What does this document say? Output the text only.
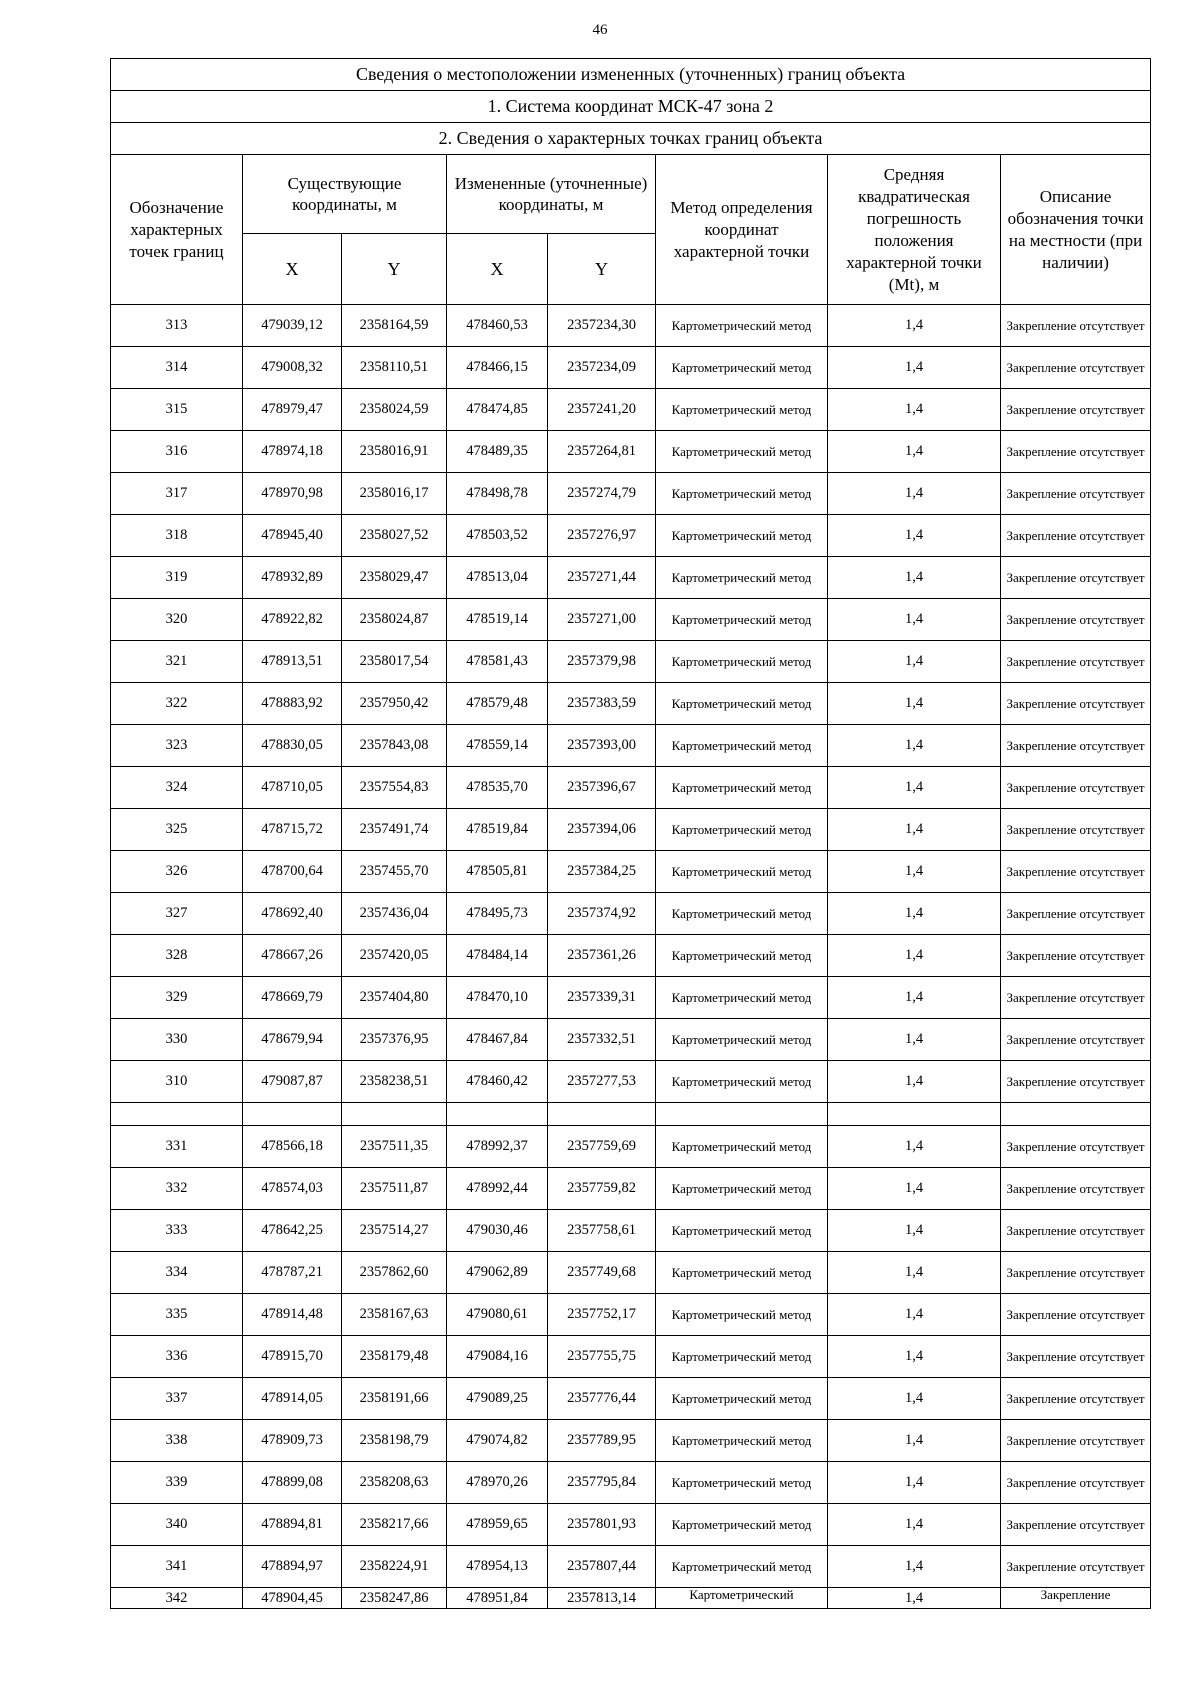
46
Сведения о местоположении измененных (уточненных) границ объекта							
1. Система координат МСК-47 зона 2							
2. Сведения о характерных точках границ объекта							
Обозначение характерных точек границ	Существующие координаты, м		Измененные (уточненные) координаты, м		Метод определения координат характерной точки	Средняя квадратическая погрешность положения характерной точки (Mt), м	Описание обозначения точки на местности (при наличии)
	X	Y	X	Y			
313	479039,12	2358164,59	478460,53	2357234,30	Картометрический метод	1,4	Закрепление отсутствует
314	479008,32	2358110,51	478466,15	2357234,09	Картометрический метод	1,4	Закрепление отсутствует
315	478979,47	2358024,59	478474,85	2357241,20	Картометрический метод	1,4	Закрепление отсутствует
316	478974,18	2358016,91	478489,35	2357264,81	Картометрический метод	1,4	Закрепление отсутствует
317	478970,98	2358016,17	478498,78	2357274,79	Картометрический метод	1,4	Закрепление отсутствует
318	478945,40	2358027,52	478503,52	2357276,97	Картометрический метод	1,4	Закрепление отсутствует
319	478932,89	2358029,47	478513,04	2357271,44	Картометрический метод	1,4	Закрепление отсутствует
320	478922,82	2358024,87	478519,14	2357271,00	Картометрический метод	1,4	Закрепление отсутствует
321	478913,51	2358017,54	478581,43	2357379,98	Картометрический метод	1,4	Закрепление отсутствует
322	478883,92	2357950,42	478579,48	2357383,59	Картометрический метод	1,4	Закрепление отсутствует
323	478830,05	2357843,08	478559,14	2357393,00	Картометрический метод	1,4	Закрепление отсутствует
324	478710,05	2357554,83	478535,70	2357396,67	Картометрический метод	1,4	Закрепление отсутствует
325	478715,72	2357491,74	478519,84	2357394,06	Картометрический метод	1,4	Закрепление отсутствует
326	478700,64	2357455,70	478505,81	2357384,25	Картометрический метод	1,4	Закрепление отсутствует
327	478692,40	2357436,04	478495,73	2357374,92	Картометрический метод	1,4	Закрепление отсутствует
328	478667,26	2357420,05	478484,14	2357361,26	Картометрический метод	1,4	Закрепление отсутствует
329	478669,79	2357404,80	478470,10	2357339,31	Картометрический метод	1,4	Закрепление отсутствует
330	478679,94	2357376,95	478467,84	2357332,51	Картометрический метод	1,4	Закрепление отсутствует
310	479087,87	2358238,51	478460,42	2357277,53	Картометрический метод	1,4	Закрепление отсутствует

331	478566,18	2357511,35	478992,37	2357759,69	Картометрический метод	1,4	Закрепление отсутствует
332	478574,03	2357511,87	478992,44	2357759,82	Картометрический метод	1,4	Закрепление отсутствует
333	478642,25	2357514,27	479030,46	2357758,61	Картометрический метод	1,4	Закрепление отсутствует
334	478787,21	2357862,60	479062,89	2357749,68	Картометрический метод	1,4	Закрепление отсутствует
335	478914,48	2358167,63	479080,61	2357752,17	Картометрический метод	1,4	Закрепление отсутствует
336	478915,70	2358179,48	479084,16	2357755,75	Картометрический метод	1,4	Закрепление отсутствует
337	478914,05	2358191,66	479089,25	2357776,44	Картометрический метод	1,4	Закрепление отсутствует
338	478909,73	2358198,79	479074,82	2357789,95	Картометрический метод	1,4	Закрепление отсутствует
339	478899,08	2358208,63	478970,26	2357795,84	Картометрический метод	1,4	Закрепление отсутствует
340	478894,81	2358217,66	478959,65	2357801,93	Картометрический метод	1,4	Закрепление отсутствует
341	478894,97	2358224,91	478954,13	2357807,44	Картометрический метод	1,4	Закрепление отсутствует
342	478904,45	2358247,86	478951,84	2357813,14	Картометрический	1,4	Закрепление
